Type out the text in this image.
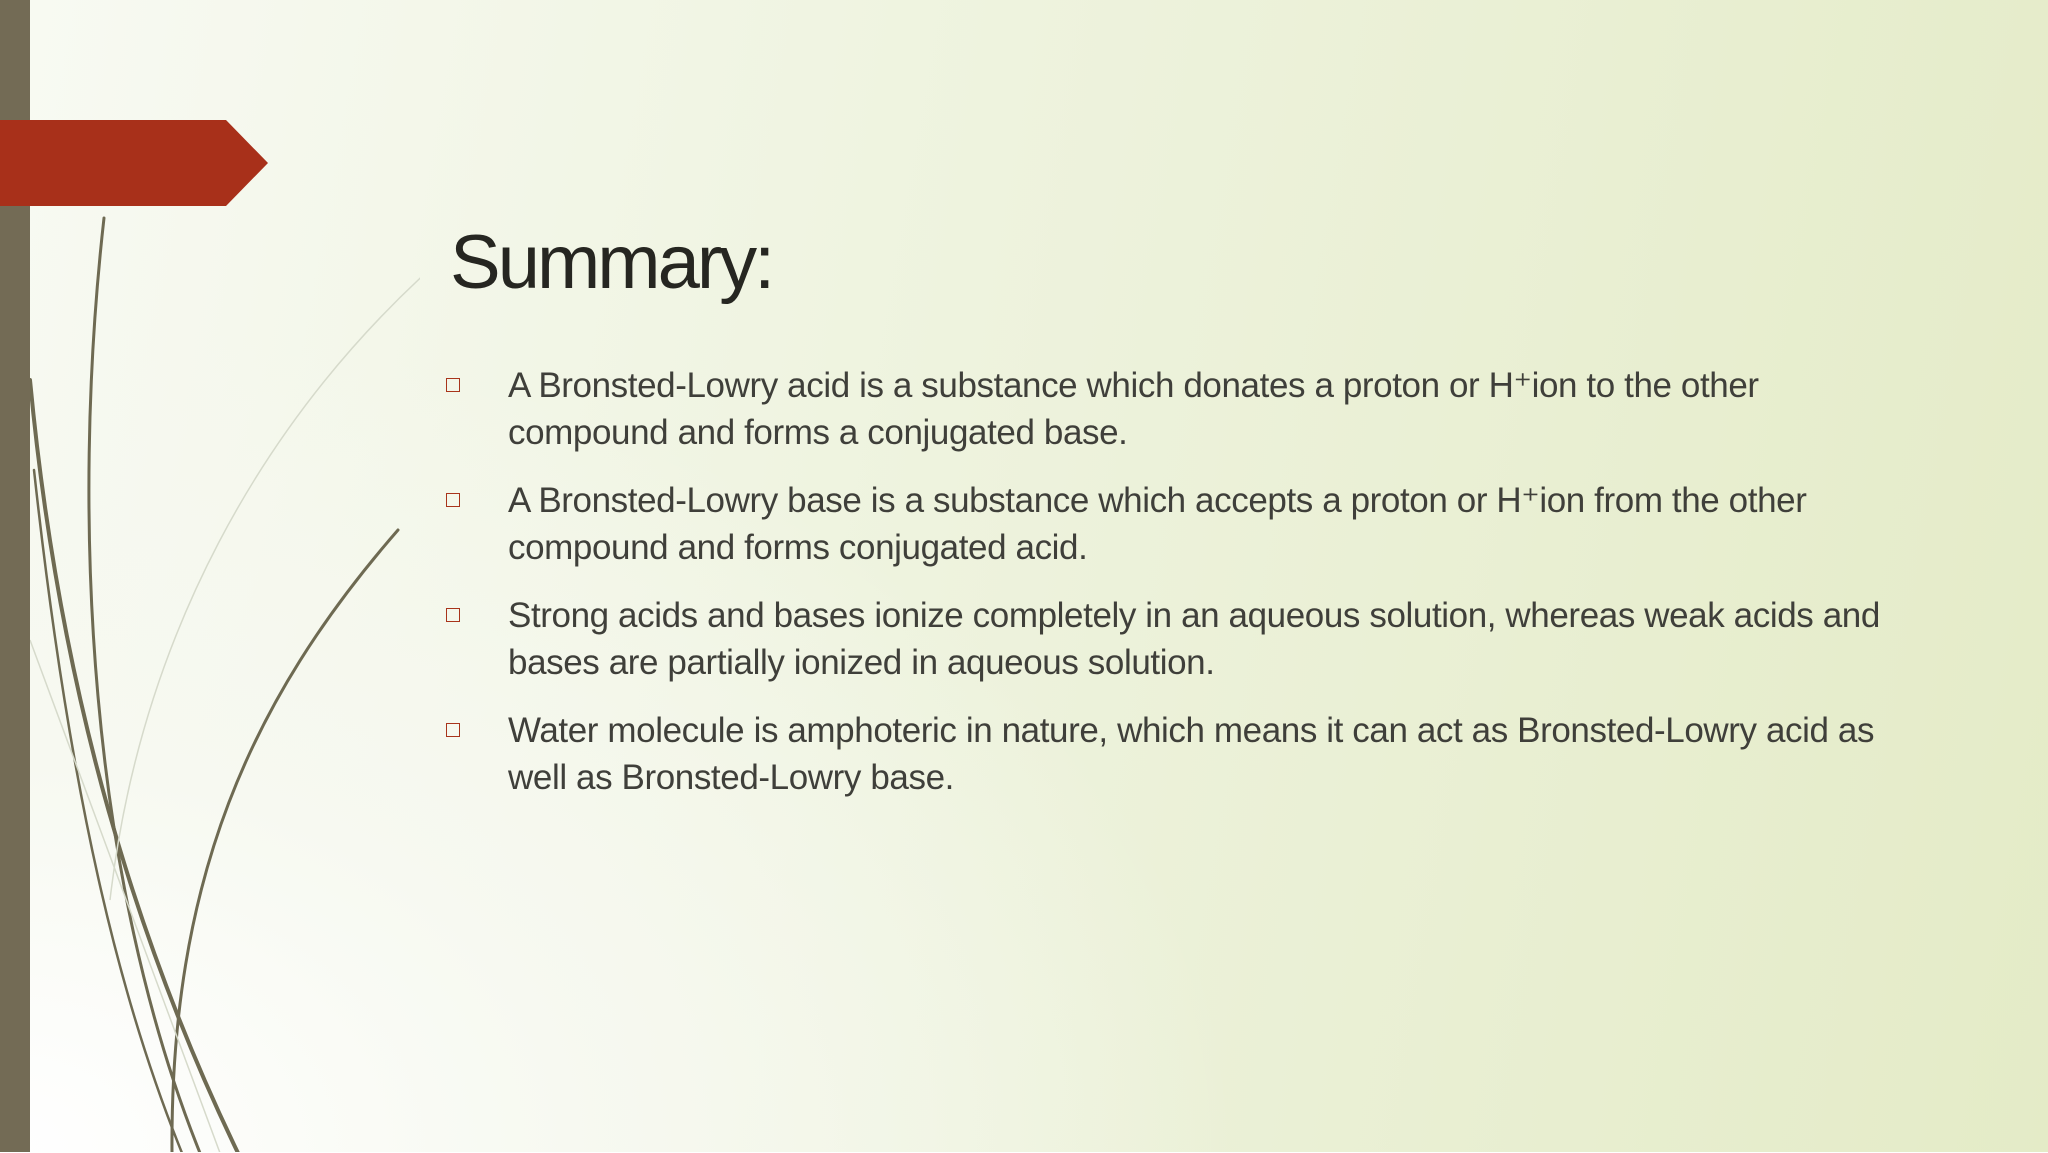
Summary:
A Bronsted-Lowry acid is a substance which donates a proton or H⁺ion to the other compound and forms a conjugated base.
A Bronsted-Lowry base is a substance which accepts a proton or H⁺ion from the other compound and forms conjugated acid.
Strong acids and bases ionize completely in an aqueous solution, whereas weak acids and bases are partially ionized in aqueous solution.
Water molecule is amphoteric in nature, which means it can act as Bronsted-Lowry acid as well as Bronsted-Lowry base.
